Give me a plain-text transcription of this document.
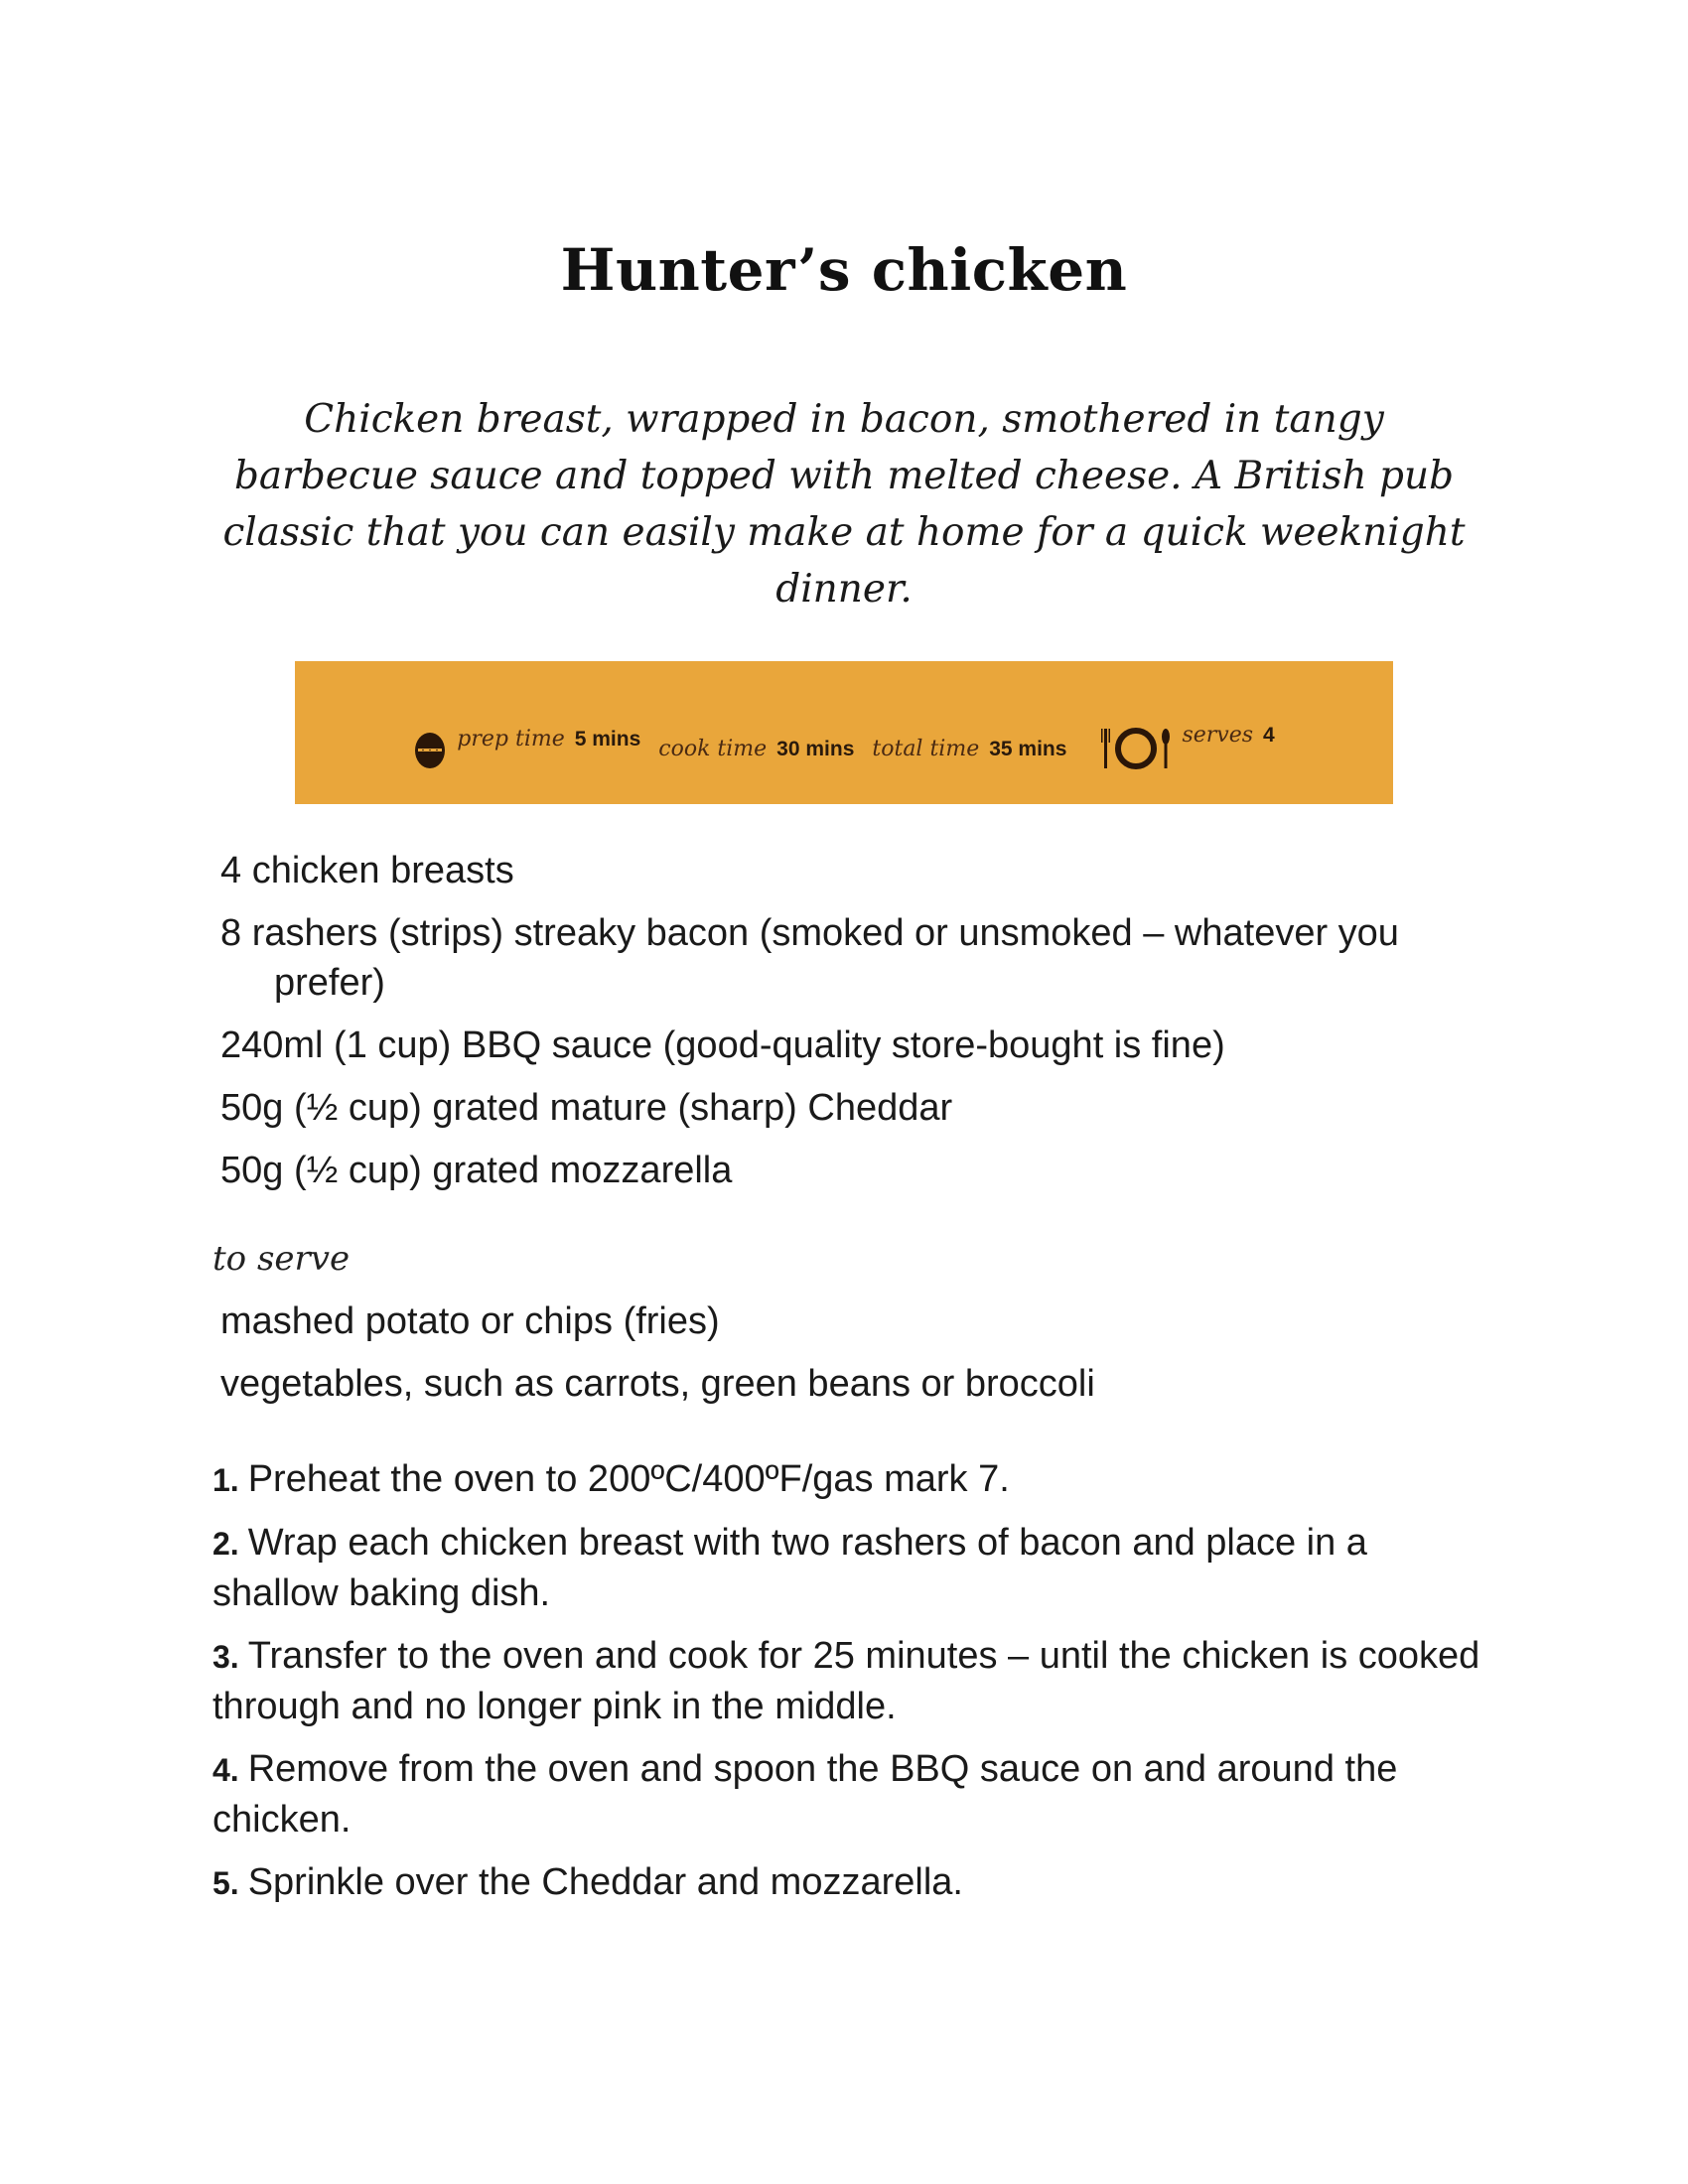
Hunter’s chicken

Chicken breast, wrapped in bacon, smothered in tangy barbecue sauce and topped with melted cheese. A British pub classic that you can easily make at home for a quick weeknight dinner.

prep time 5 mins cook time 30 mins total time 35 mins
serves 4
4 chicken breasts
8 rashers (strips) streaky bacon (smoked or unsmoked – whatever you prefer)
240ml (1 cup) BBQ sauce (good-quality store-bought is fine)
50g (½ cup) grated mature (sharp) Cheddar
50g (½ cup) grated mozzarella

to serve

mashed potato or chips (fries)
vegetables, such as carrots, green beans or broccoli
1. Preheat the oven to 200ºC/400ºF/gas mark 7.
2. Wrap each chicken breast with two rashers of bacon and place in a shallow baking dish.
3. Transfer to the oven and cook for 25 minutes – until the chicken is cooked through and no longer pink in the middle.
4. Remove from the oven and spoon the BBQ sauce on and around the chicken.
5. Sprinkle over the Cheddar and mozzarella.
